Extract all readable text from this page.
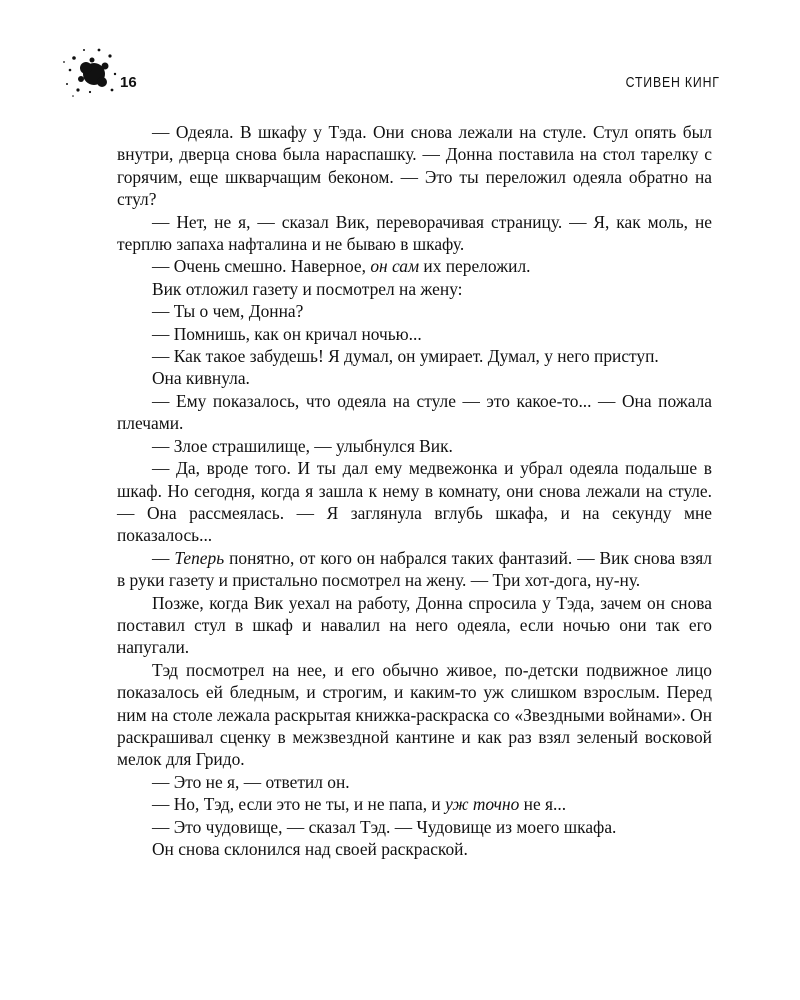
16	СТИВЕН КИНГ

— Одеяла. В шкафу у Тэда. Они снова лежали на стуле. Стул опять был внутри, дверца снова была нараспашку. — Донна поставила на стол тарелку с горячим, еще шкварчащим беконом. — Это ты переложил одеяла обратно на стул?

— Нет, не я, — сказал Вик, переворачивая страницу. — Я, как моль, не терплю запаха нафталина и не бываю в шкафу.

— Очень смешно. Наверное, он сам их переложил.

Вик отложил газету и посмотрел на жену:

— Ты о чем, Донна?

— Помнишь, как он кричал ночью...

— Как такое забудешь! Я думал, он умирает. Думал, у него приступ.

Она кивнула.

— Ему показалось, что одеяла на стуле — это какое-то... — Она пожала плечами.

— Злое страшилище, — улыбнулся Вик.

— Да, вроде того. И ты дал ему медвежонка и убрал одеяла подальше в шкаф. Но сегодня, когда я зашла к нему в комнату, они снова лежали на стуле. — Она рассмеялась. — Я заглянула вглубь шкафа, и на секунду мне показалось...

— Теперь понятно, от кого он набрался таких фантазий. — Вик снова взял в руки газету и пристально посмотрел на жену. — Три хот-дога, ну-ну.

Позже, когда Вик уехал на работу, Донна спросила у Тэда, зачем он снова поставил стул в шкаф и навалил на него одеяла, если ночью они так его напугали.

Тэд посмотрел на нее, и его обычно живое, по-детски подвижное лицо показалось ей бледным, и строгим, и каким-то уж слишком взрослым. Перед ним на столе лежала раскрытая книжка-раскраска со «Звездными войнами». Он раскрашивал сценку в межзвездной кантине и как раз взял зеленый восковой мелок для Гридо.

— Это не я, — ответил он.

— Но, Тэд, если это не ты, и не папа, и уж точно не я...

— Это чудовище, — сказал Тэд. — Чудовище из моего шкафа.

Он снова склонился над своей раскраской.
